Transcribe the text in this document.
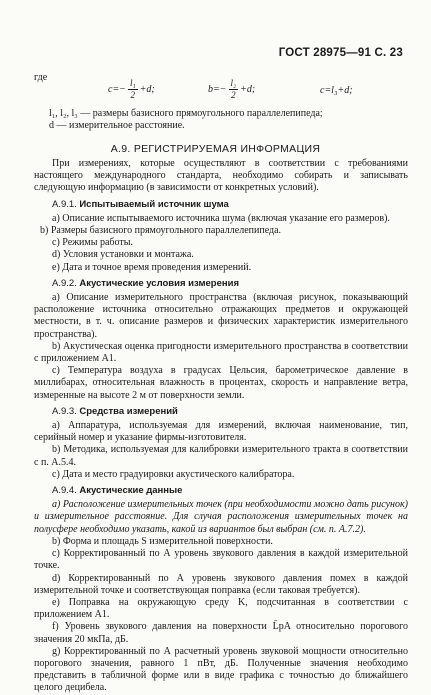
ГОСТ 28975—91 С. 23
где
$c=- \frac{\text{l₁}}{2} +d$;	$b=- \frac{\text{l₂}}{2} +d$;	c=l₃+d;
l₁, l₂, l₃ — размеры базисного прямоугольного параллелепипеда;
d — измерительное расстояние.
А.9. РЕГИСТРИРУЕМАЯ ИНФОРМАЦИЯ

При измерениях, которые осуществляют в соответствии с требованиями настоящего международного стандарта, необходимо собирать и записывать следующую информацию (в зависимости от конкретных условий).

А.9.1. Испытываемый источник шума

а) Описание испытываемого источника шума (включая указание его размеров).

b) Размеры базисного прямоугольного параллелепипеда.

с) Режимы работы.

d) Условия установки и монтажа.

е) Дата и точное время проведения измерений.

А.9.2. Акустические условия измерения

а) Описание измерительного пространства (включая рисунок, показывающий расположение источника относительно отражающих предметов и окружающей местности, в т. ч. описание размеров и физических характеристик измерительного пространства).

b) Акустическая оценка пригодности измерительного пространства в соответствии с приложением А1.

с) Температура воздуха в градусах Цельсия, барометрическое давление в миллибарах, относительная влажность в процентах, скорость и направление ветра, измеренные на высоте 2 м от поверхности земли.

А.9.3. Средства измерений

а) Аппаратура, используемая для измерений, включая наименование, тип, серийный номер и указание фирмы-изготовителя.

b) Методика, используемая для калибровки измерительного тракта в соответствии с п. А.5.4.

с) Дата и место градуировки акустического калибратора.

А.9.4. Акустические данные

а) Расположение измерительных точек (при необходимости можно дать рисунок) и измерительное расстояние. Для случая расположения измерительных точек на полусфере необходимо указать, какой из вариантов был выбран (см. п. А.7.2).

b) Форма и площадь S измерительной поверхности.

с) Корректированный по А уровень звукового давления в каждой измерительной точке.

d) Корректированный по А уровень звукового давления помех в каждой измерительной точке и соответствующая поправка (если таковая требуется).

е) Поправка на окружающую среду K, подсчитанная в соответствии с приложением А1.

f) Уровень звукового давления на поверхности L̄pA относительно порогового значения 20 мкПа, дБ.

g) Корректированный по А расчетный уровень звуковой мощности относительно порогового значения, равного 1 пВт, дБ. Полученные значения необходимо представить в табличной форме или в виде графика с точностью до ближайшего целого децибела.
